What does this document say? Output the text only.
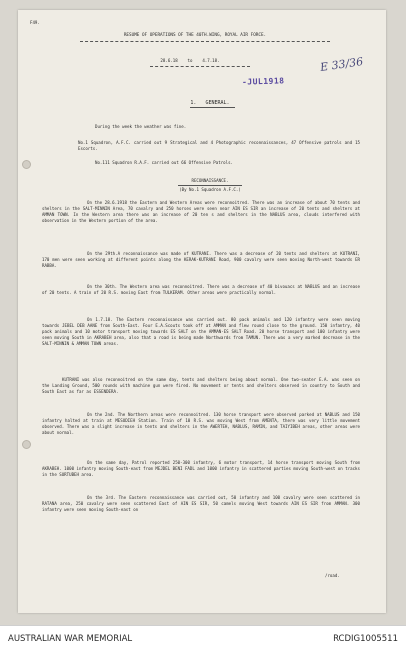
F49.
RESUME OF OPERATIONS OF THE 40TH.WING, ROYAL AIR FORCE.
28.6.18    to    4.7.18.
-JUL1918
E 33/36
1.   GENERAL.

During the week the weather was fine.

No.1 Squadron, A.F.C. carried out 9 Strategical and 4 Photographic reconnaissances, 47 Offensive patrols and 15 Escorts.

No.111 Squadron R.A.F. carried out 66 Offensive Patrols.

RECONNAISSANCE.
(By No.1 Squadron A.F.C.)

On the 28.6.1918 the Eastern and Western Areas were reconnoitred. There was an increase of about 70 tents and shelters in the SALT-MINNIN Area, 70 cavalry and 250 horses were seen near AIN ES SIR an increase of 20 tents and shelters at AMMAN TOWN. In the Western area there was an increase of 20 ten s and shelters in the NABLUS area, clouds interfered with observation in the Western portion of the area.

On the 29th.A reconnaissance was made of KUTRANI. There was a decrease of 20 tents and shelters at KUTRANI, 170 men were seen working at different points along the KERAK-KUTRANI Road, 900 cavalry were seen moving North-west towards ER RABBA.

On the 30th. The Western area was reconnoitred. There was a decrease of 40 bivouacs at NABLUS and an increase of 20 tents. A train of 20 R.S. moving East from TULKERAM. Other areas were practically normal.

On 1.7.18. The Eastern reconnaissance was carried out. 80 pack animals and 120 infantry were seen moving towards JEBEL DEB AANE from South-East. Four E.A.Scouts took off at AMMAN and flew round close to the ground. 150 infantry, 40 pack animals and 10 motor transport moving towards ES SALT on the AMMAN-ES SALT Road. 20 horse transport and 100 infantry were seen moving South in AKRABEH area, also that a road is being made Northwards from TAMUN. There was a very marked decrease in the SALT-MINNIN & AMMAN TOWN areas.

KUTRANI was also reconnoitred on the same day, tents and shelters being about normal. One two-seater E.A. was seen on the Landing Ground, 500 rounds with machine gun were fired. No movement or tents and shelters observed in country to South and South East as far as ESSENDERA.

On the 2nd. The Northern areas were reconnoitred. 130 horse transport were observed parked at NABLUS and 150 infantry halted at train at MESUDIEH Station. Train of 10 R.S. was moving West from AMENTA, there was very little movement observed. There was a slight increase in tents and shelters in the AWERTEH, NABLUS, RAMIN, and TAIYIBEH areas, other areas were about normal.

On the same day, Patrol reported 250-300 infantry, 6 motor transport, 14 horse transport moving South from AKRABEH. 1000 infantry moving South-east from MEJDEL BENI FADL and 1000 infantry in scattered parties moving South-west on tracks in the SURTUBEH area.

On the 3rd. The Eastern reconnaissance was carried out, 50 infantry and 100 cavalry were seen scattered in RATANA area, 250 cavalry were seen scattered East of AIN ES SIR, 50 camels moving West towards AIN ES SIR from AMMAN. 300 infantry were seen moving South-east on

/road.
AUSTRALIAN WAR MEMORIAL	RCDIG1005511
